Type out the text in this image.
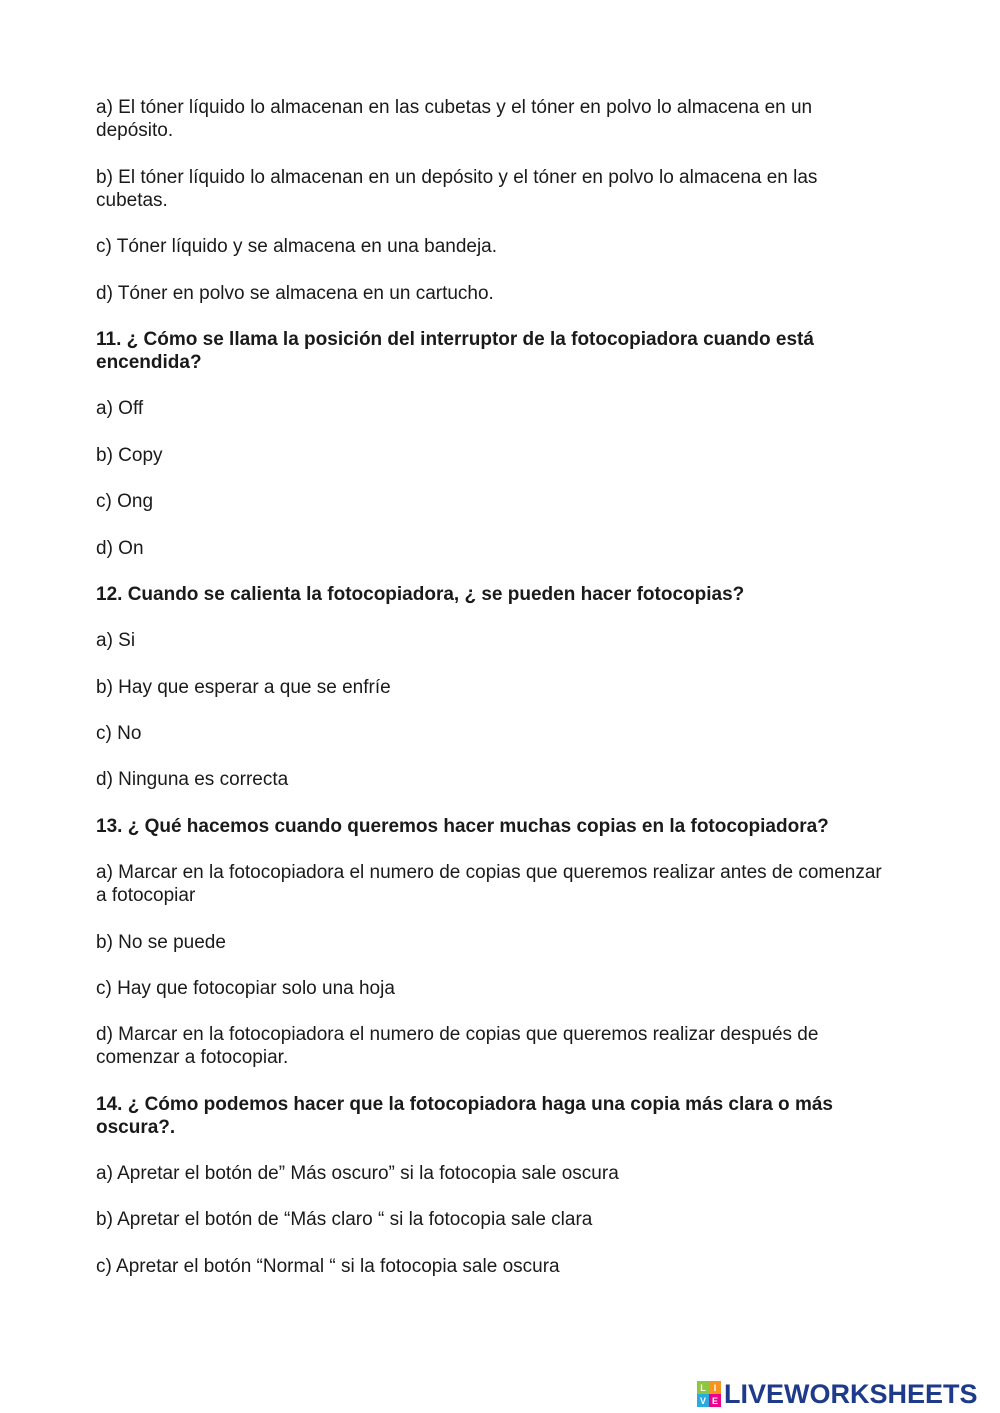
a) El tóner líquido lo almacenan en las cubetas y el tóner en polvo lo almacena en un depósito.

b) El tóner líquido lo almacenan en un depósito y el tóner en polvo lo almacena en las cubetas.

c) Tóner líquido y se almacena en una bandeja.

d) Tóner en polvo se almacena en un cartucho.

11. ¿ Cómo se llama la posición del interruptor de la fotocopiadora cuando está encendida?

a) Off

b) Copy

c) Ong

d) On

12. Cuando se calienta la fotocopiadora, ¿ se pueden hacer fotocopias?

a) Si

b) Hay que esperar a que se enfríe

c) No

d) Ninguna es correcta

13. ¿ Qué hacemos cuando queremos hacer muchas copias en la fotocopiadora?

a) Marcar en la fotocopiadora el numero de copias que queremos realizar antes de comenzar a fotocopiar

b) No se puede

c) Hay que fotocopiar solo una hoja

d) Marcar en la fotocopiadora el numero de copias que queremos realizar después de comenzar a fotocopiar.

14. ¿ Cómo podemos hacer que la fotocopiadora haga una copia más clara o más oscura?.

a) Apretar el botón de” Más oscuro” si la fotocopia sale oscura

b) Apretar el botón de “Más claro “ si la fotocopia sale clara

c) Apretar el botón “Normal “ si la fotocopia sale oscura

L I
V E LIVEWORKSHEETS
